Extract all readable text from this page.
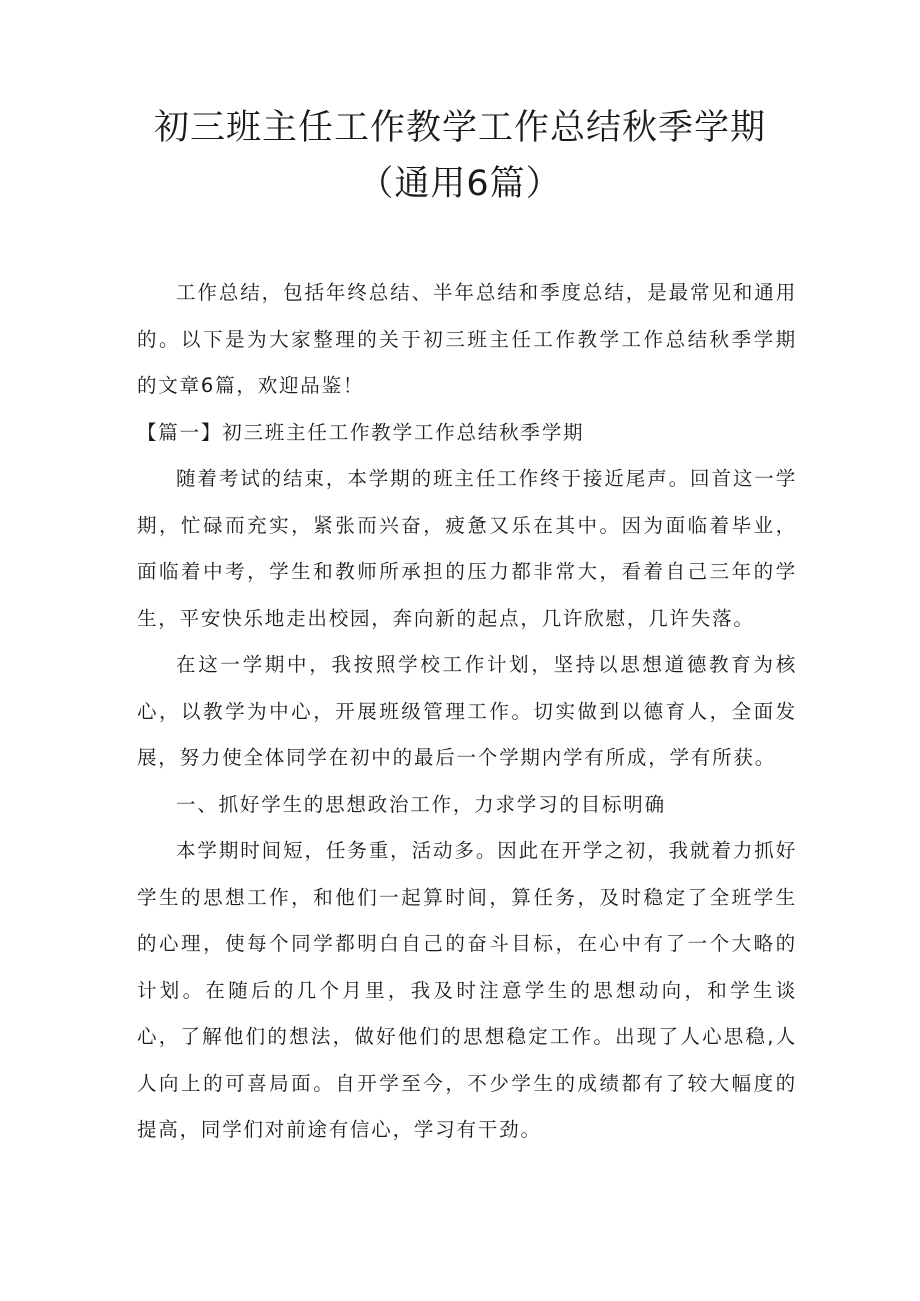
初三班主任工作教学工作总结秋季学期（通用6篇）

工作总结，包括年终总结、半年总结和季度总结，是最常见和通用的。以下是为大家整理的关于初三班主任工作教学工作总结秋季学期的文章6篇，欢迎品鉴！

【篇一】初三班主任工作教学工作总结秋季学期

随着考试的结束，本学期的班主任工作终于接近尾声。回首这一学期，忙碌而充实，紧张而兴奋，疲惫又乐在其中。因为面临着毕业，面临着中考，学生和教师所承担的压力都非常大，看着自己三年的学生，平安快乐地走出校园，奔向新的起点，几许欣慰，几许失落。

在这一学期中，我按照学校工作计划，坚持以思想道德教育为核心，以教学为中心，开展班级管理工作。切实做到以德育人，全面发展，努力使全体同学在初中的最后一个学期内学有所成，学有所获。

一、抓好学生的思想政治工作，力求学习的目标明确

本学期时间短，任务重，活动多。因此在开学之初，我就着力抓好学生的思想工作，和他们一起算时间，算任务，及时稳定了全班学生的心理，使每个同学都明白自己的奋斗目标，在心中有了一个大略的计划。在随后的几个月里，我及时注意学生的思想动向，和学生谈心，了解他们的想法，做好他们的思想稳定工作。出现了人心思稳,人人向上的可喜局面。自开学至今，不少学生的成绩都有了较大幅度的提高，同学们对前途有信心，学习有干劲。
